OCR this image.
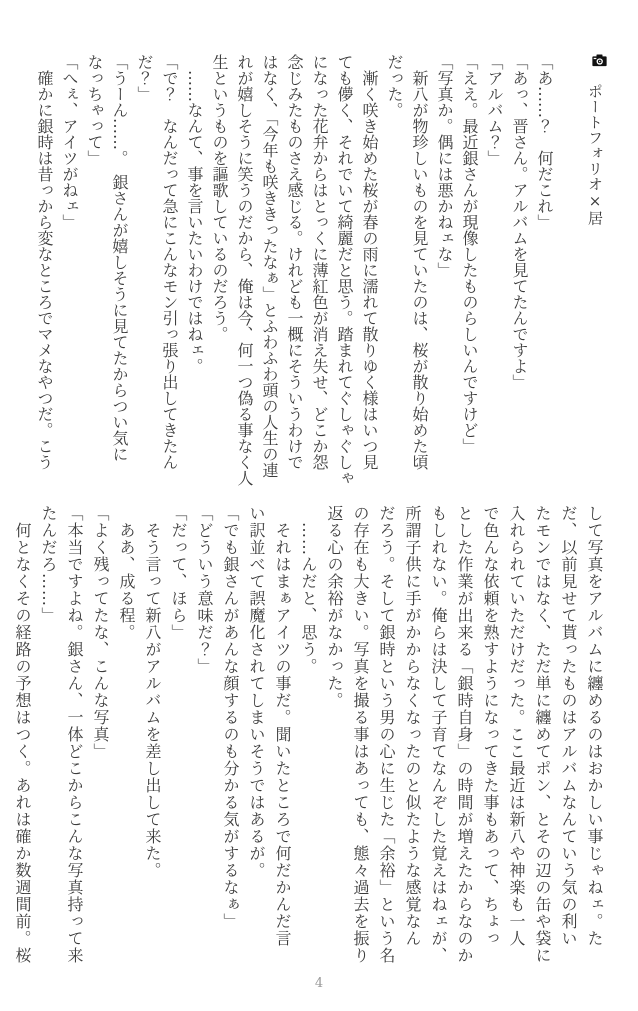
ポートフォリオ×居
「あ……？　何だこれ」
「あっ、晋さん。アルバムを見てたんですよ」
「アルバム？」
「ええ。最近銀さんが現像したものらしいんですけど」
「写真か。偶には悪かねェな」
　新八が物珍しいものを見ていたのは、桜が散り始めた頃
だった。
　漸く咲き始めた桜が春の雨に濡れて散りゆく様はいつ見
ても儚く、それでいて綺麗だと思う。踏まれてぐしゃぐしゃ
になった花弁からはとっくに薄紅色が消え失せ、どこか怨
念じみたものさえ感じる。けれども一概にそういうわけで
はなく、「今年も咲ききったなぁ」とふわふわ頭の人生の連
れが嬉しそうに笑うのだから、俺は今、何一つ偽る事なく人
生というものを謳歌しているのだろう。
　……なんて、事を言いたいわけではねェ。
「で？　なんだって急にこんなモン引っ張り出してきたん
だ？」
「うーん……。　銀さんが嬉しそうに見てたからつい気に
なっちゃって」
「へぇ、アイツがねェ」
　確かに銀時は昔っから変なところでマメなやつだ。こう
して写真をアルバムに纏めるのはおかしい事じゃねェ。た
だ、以前見せて貰ったものはアルバムなんていう気の利い
たモンではなく、ただ単に纏めてポン、とその辺の缶や袋に
入れられていただけだった。ここ最近は新八や神楽も一人
で色んな依頼を熟すようになってきた事もあって、ちょっ
とした作業が出来る「銀時自身」の時間が増えたからなのか
もしれない。俺らは決して子育てなんぞした覚えはねェが、
所謂子供に手がかからなくなったのと似たような感覚なん
だろう。そして銀時という男の心に生じた「余裕」という名
の存在も大きい。写真を撮る事はあっても、態々過去を振り
返る心の余裕がなかった。
　……んだと、思う。
　それはまぁアイツの事だ。聞いたところで何だかんだ言
い訳並べて誤魔化されてしまいそうではあるが。
「でも銀さんがあんな顔するのも分かる気がするなぁ」
「どういう意味だ？」
「だって、ほら」
　そう言って新八がアルバムを差し出して来た。
　ああ、成る程。
「よく残ってたな、こんな写真」
「本当ですよね。銀さん、一体どこからこんな写真持って来
たんだろ……」
　何となくその経路の予想はつく。あれは確か数週間前。桜
4
